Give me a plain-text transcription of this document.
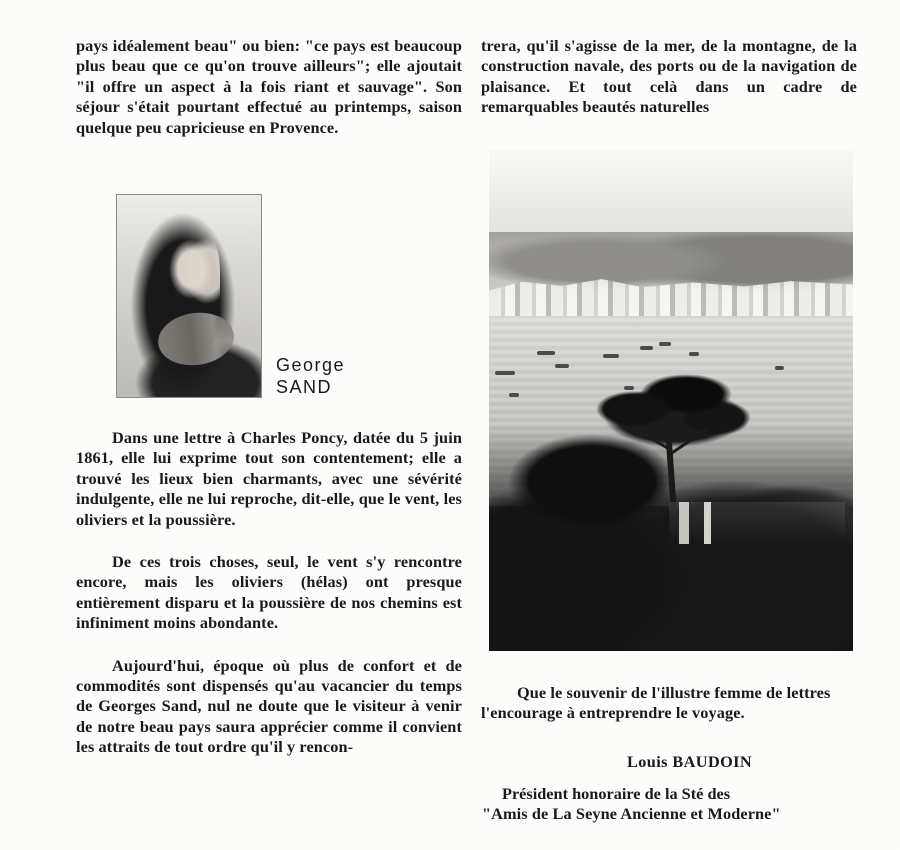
pays idéalement beau" ou bien: "ce pays est beaucoup plus beau que ce qu'on trouve ailleurs"; elle ajoutait "il offre un aspect à la fois riant et sauvage". Son séjour s'était pourtant effectué au printemps, saison quelque peu capricieuse en Provence.

George
SAND

Dans une lettre à Charles Poncy, datée du 5 juin 1861, elle lui exprime tout son contentement; elle a trouvé les lieux bien charmants, avec une sévérité indulgente, elle ne lui reproche, dit-elle, que le vent, les oliviers et la poussière.

De ces trois choses, seul, le vent s'y rencontre encore, mais les oliviers (hélas) ont presque entièrement disparu et la poussière de nos chemins est infiniment moins abondante.

Aujourd'hui, époque où plus de confort et de commodités sont dispensés qu'au vacancier du temps de Georges Sand, nul ne doute que le visiteur à venir de notre beau pays saura apprécier comme il convient les attraits de tout ordre qu'il y rencon-

trera, qu'il s'agisse de la mer, de la montagne, de la construction navale, des ports ou de la navigation de plaisance. Et tout celà dans un cadre de remarquables beautés naturelles

Que le souvenir de l'illustre femme de lettres l'encourage à entreprendre le voyage.

Louis BAUDOIN
Président honoraire de la Sté des
"Amis de La Seyne Ancienne et Moderne"
